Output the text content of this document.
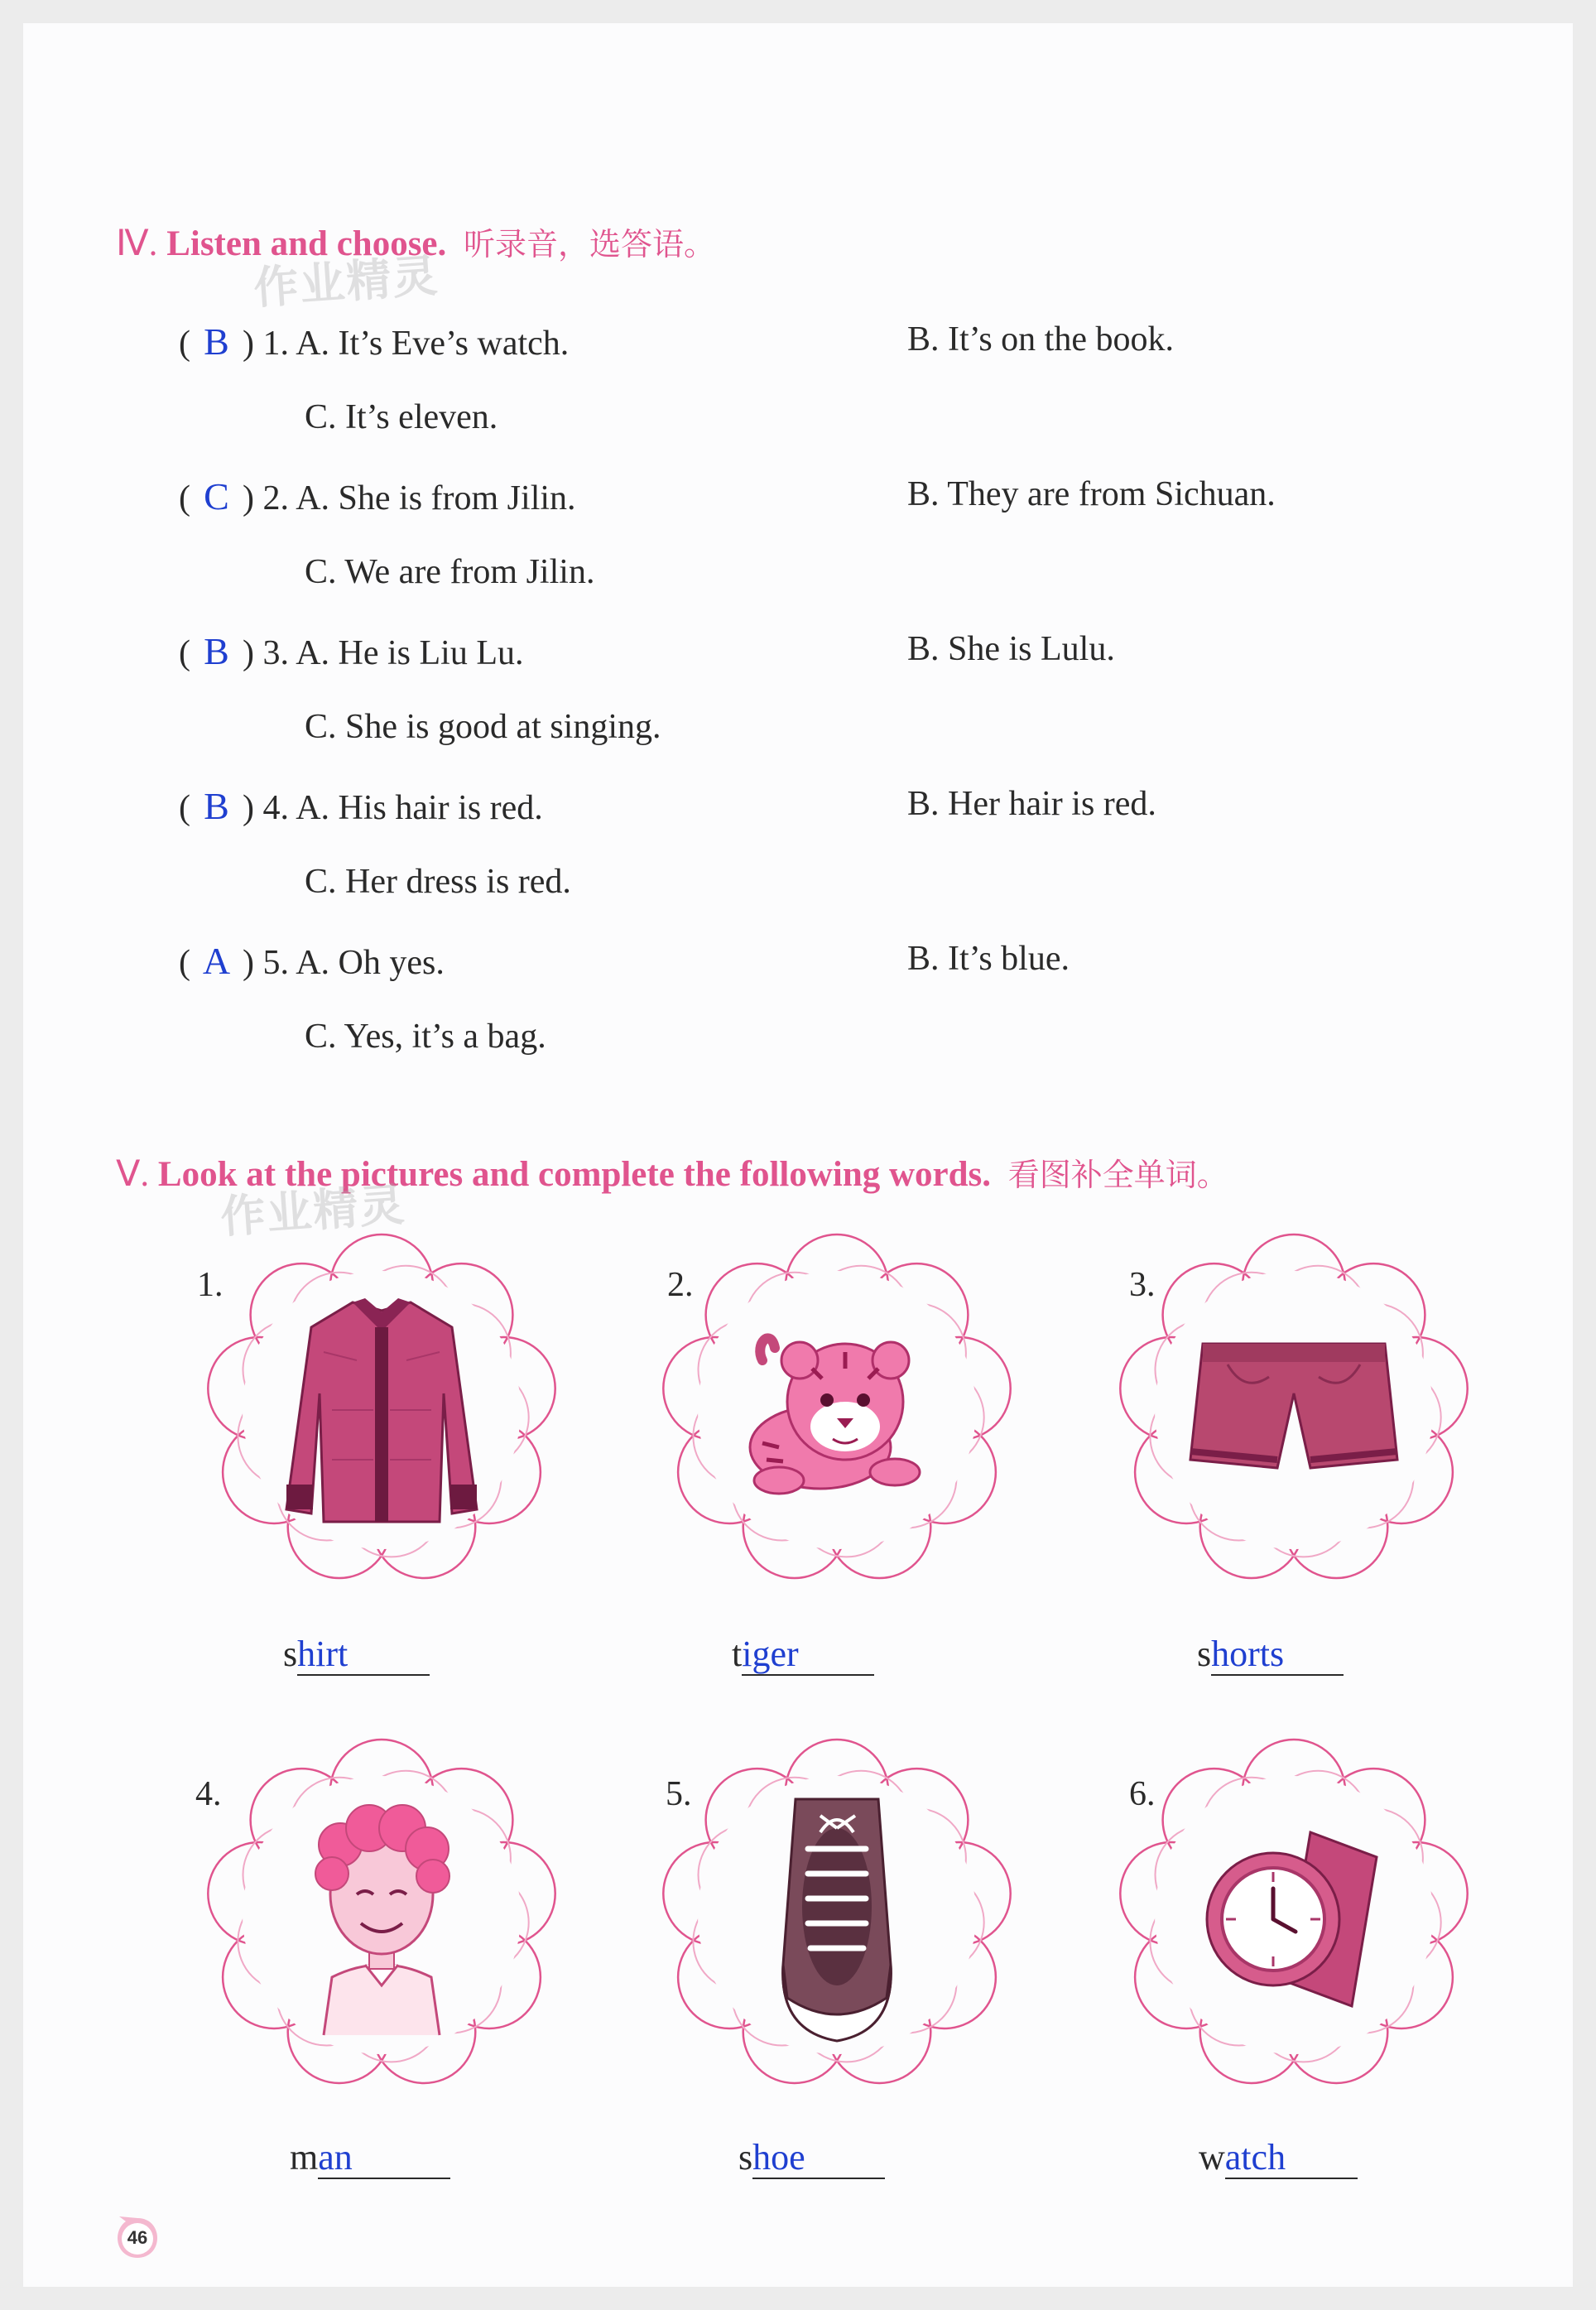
Ⅳ. Listen and choose. 听录音，选答语。
作业精灵
( B ) 1. A. It’s Eve’s watch.	B. It’s on the book.
C. It’s eleven.
( C ) 2. A. She is from Jilin.	B. They are from Sichuan.
C. We are from Jilin.
( B ) 3. A. He is Liu Lu.	B. She is Lulu.
C. She is good at singing.
( B ) 4. A. His hair is red.	B. Her hair is red.
C. Her dress is red.
( A ) 5. A. Oh yes.	B. It’s blue.
C. Yes, it’s a bag.
Ⅴ. Look at the pictures and complete the following words. 看图补全单词。
作业精灵
1.
shirt
2.
tiger
3.
shorts
4.
man
5.
shoe
6.
watch
46
